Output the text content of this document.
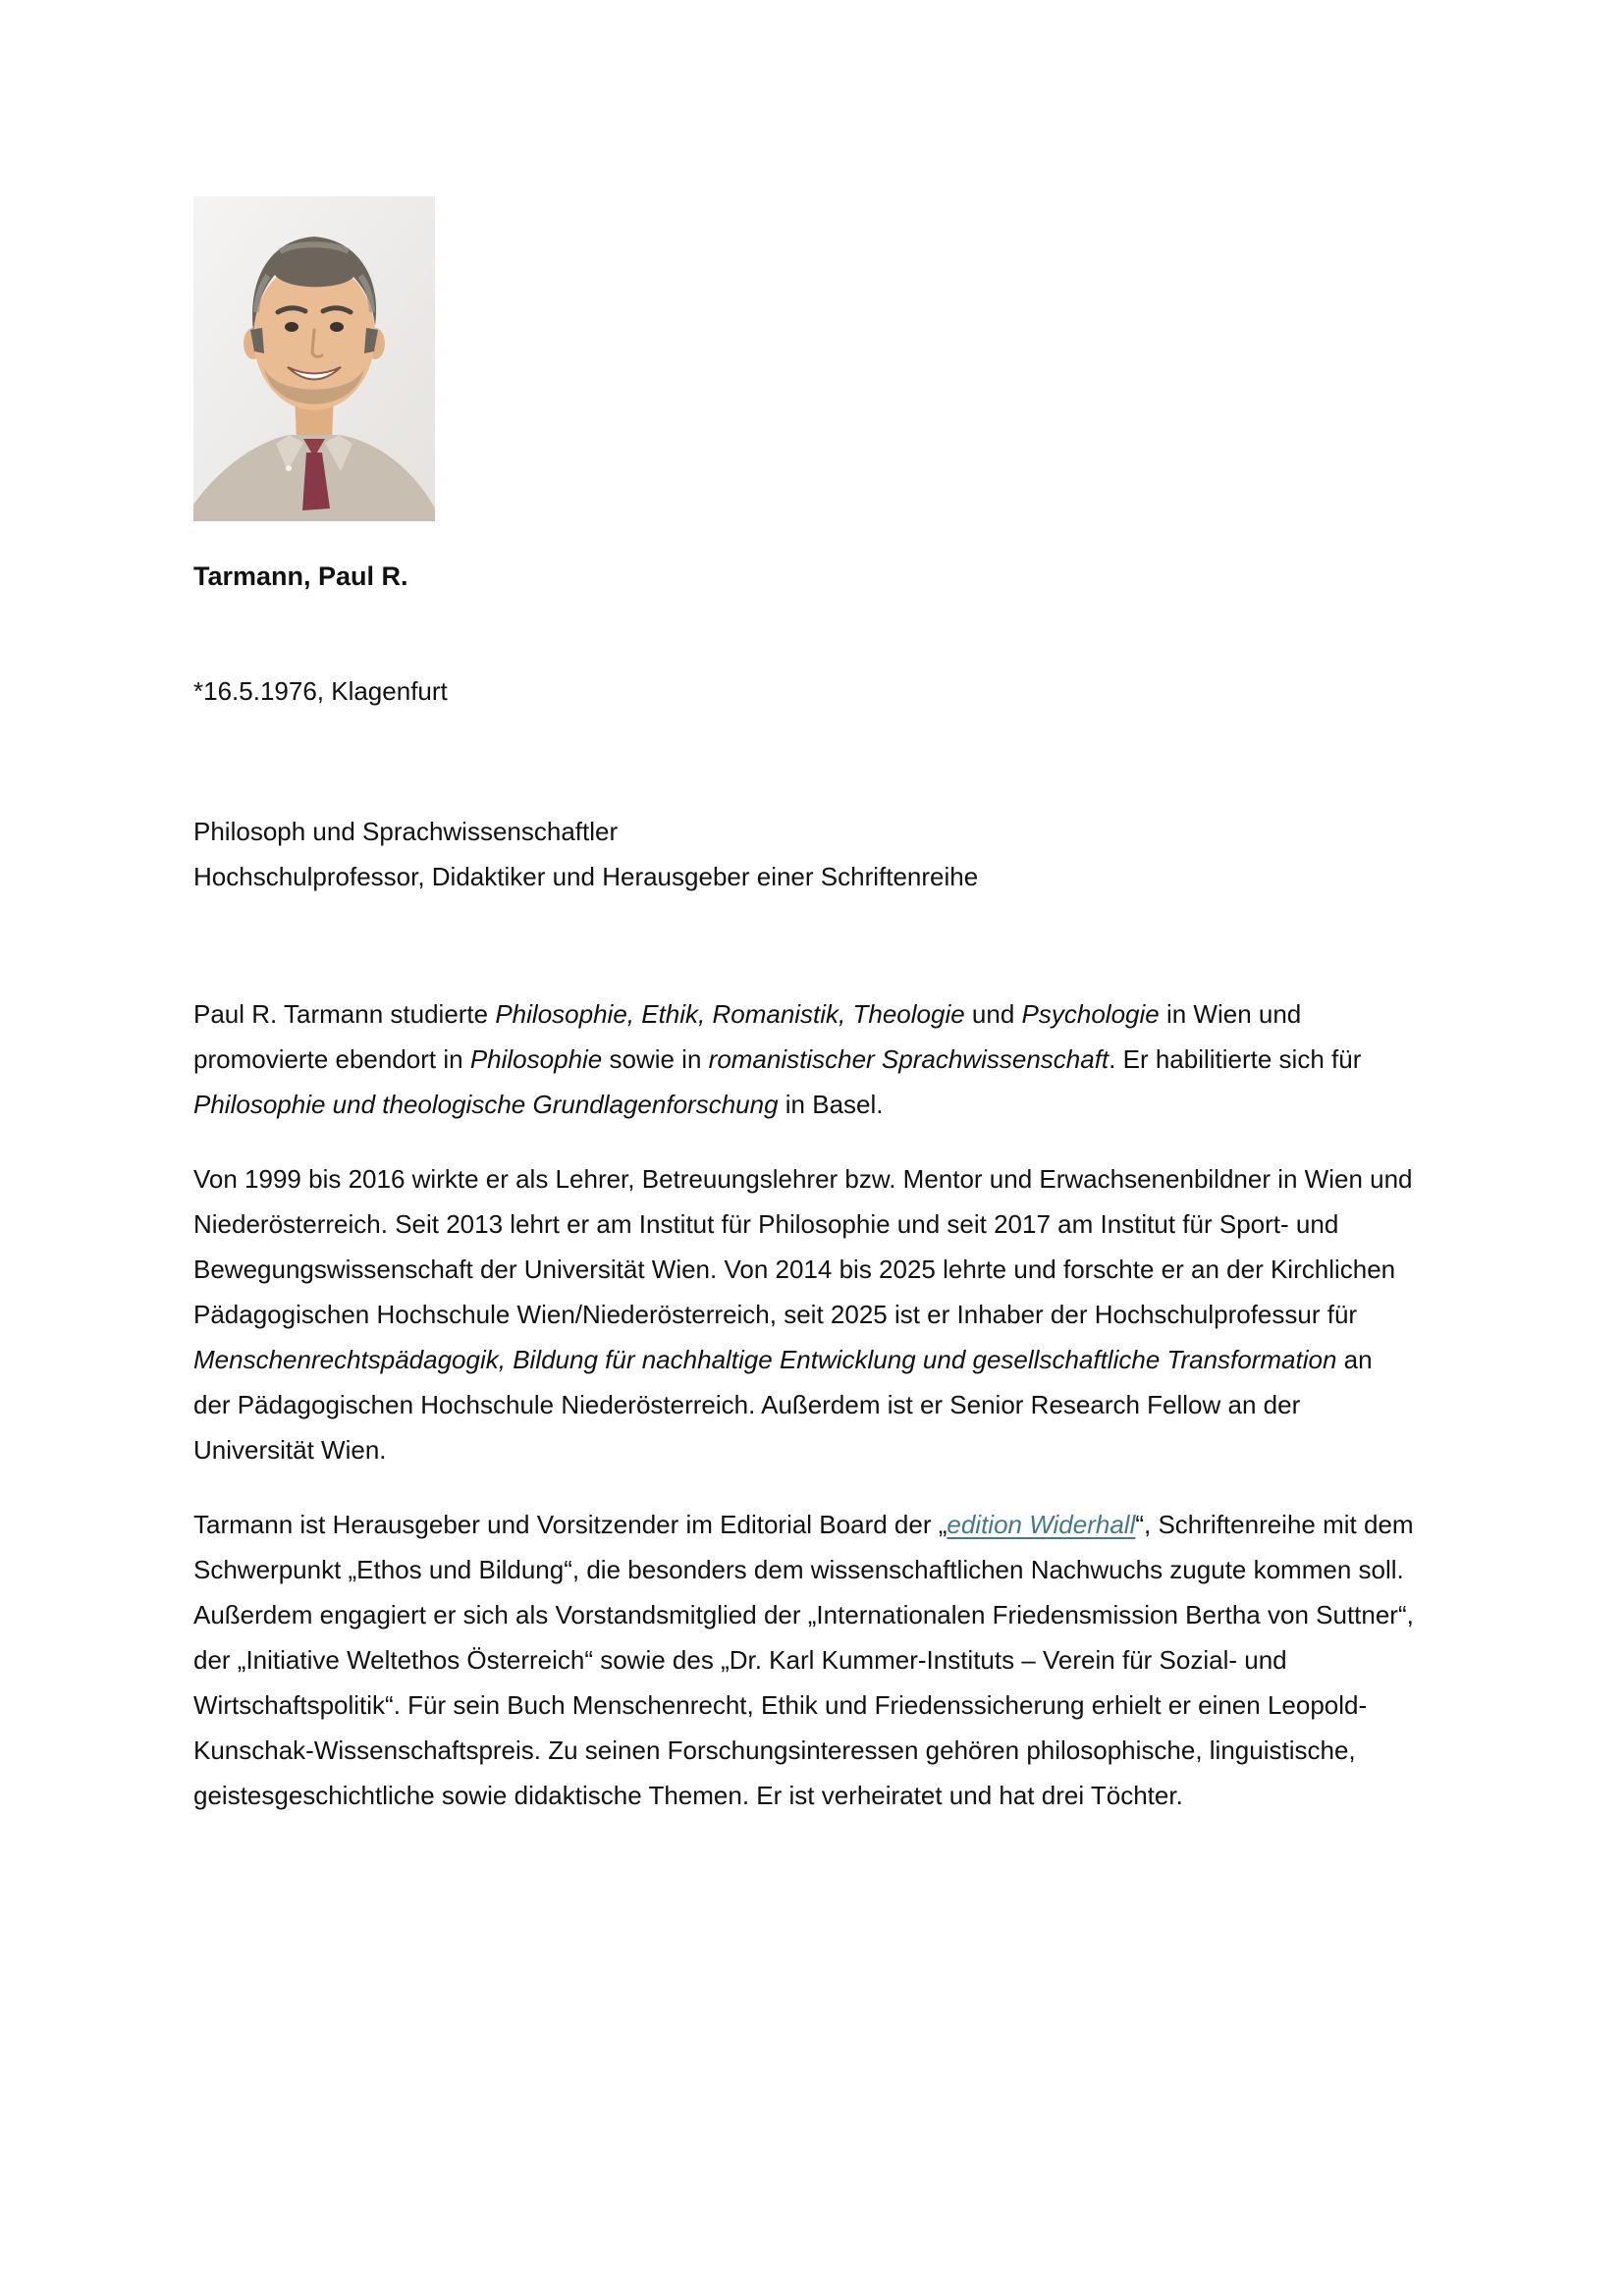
Tarmann, Paul R.

*16.5.1976, Klagenfurt

Philosoph und Sprachwissenschaftler
Hochschulprofessor, Didaktiker und Herausgeber einer Schriftenreihe

Paul R. Tarmann studierte Philosophie, Ethik, Romanistik, Theologie und Psychologie in Wien und promovierte ebendort in Philosophie sowie in romanistischer Sprachwissenschaft. Er habilitierte sich für Philosophie und theologische Grundlagenforschung in Basel.

Von 1999 bis 2016 wirkte er als Lehrer, Betreuungslehrer bzw. Mentor und Erwachsenenbildner in Wien und Niederösterreich. Seit 2013 lehrt er am Institut für Philosophie und seit 2017 am Institut für Sport- und Bewegungswissenschaft der Universität Wien. Von 2014 bis 2025 lehrte und forschte er an der Kirchlichen Pädagogischen Hochschule Wien/Niederösterreich, seit 2025 ist er Inhaber der Hochschulprofessur für Menschenrechtspädagogik, Bildung für nachhaltige Entwicklung und gesellschaftliche Transformation an der Pädagogischen Hochschule Niederösterreich. Außerdem ist er Senior Research Fellow an der Universität Wien.

Tarmann ist Herausgeber und Vorsitzender im Editorial Board der „edition Widerhall“, Schriftenreihe mit dem Schwerpunkt „Ethos und Bildung“, die besonders dem wissenschaftlichen Nachwuchs zugute kommen soll. Außerdem engagiert er sich als Vorstandsmitglied der „Internationalen Friedensmission Bertha von Suttner“, der „Initiative Weltethos Österreich“ sowie des „Dr. Karl Kummer-Instituts – Verein für Sozial- und Wirtschaftspolitik“. Für sein Buch Menschenrecht, Ethik und Friedenssicherung erhielt er einen Leopold-Kunschak-Wissenschaftspreis. Zu seinen Forschungsinteressen gehören philosophische, linguistische, geistesgeschichtliche sowie didaktische Themen. Er ist verheiratet und hat drei Töchter.
